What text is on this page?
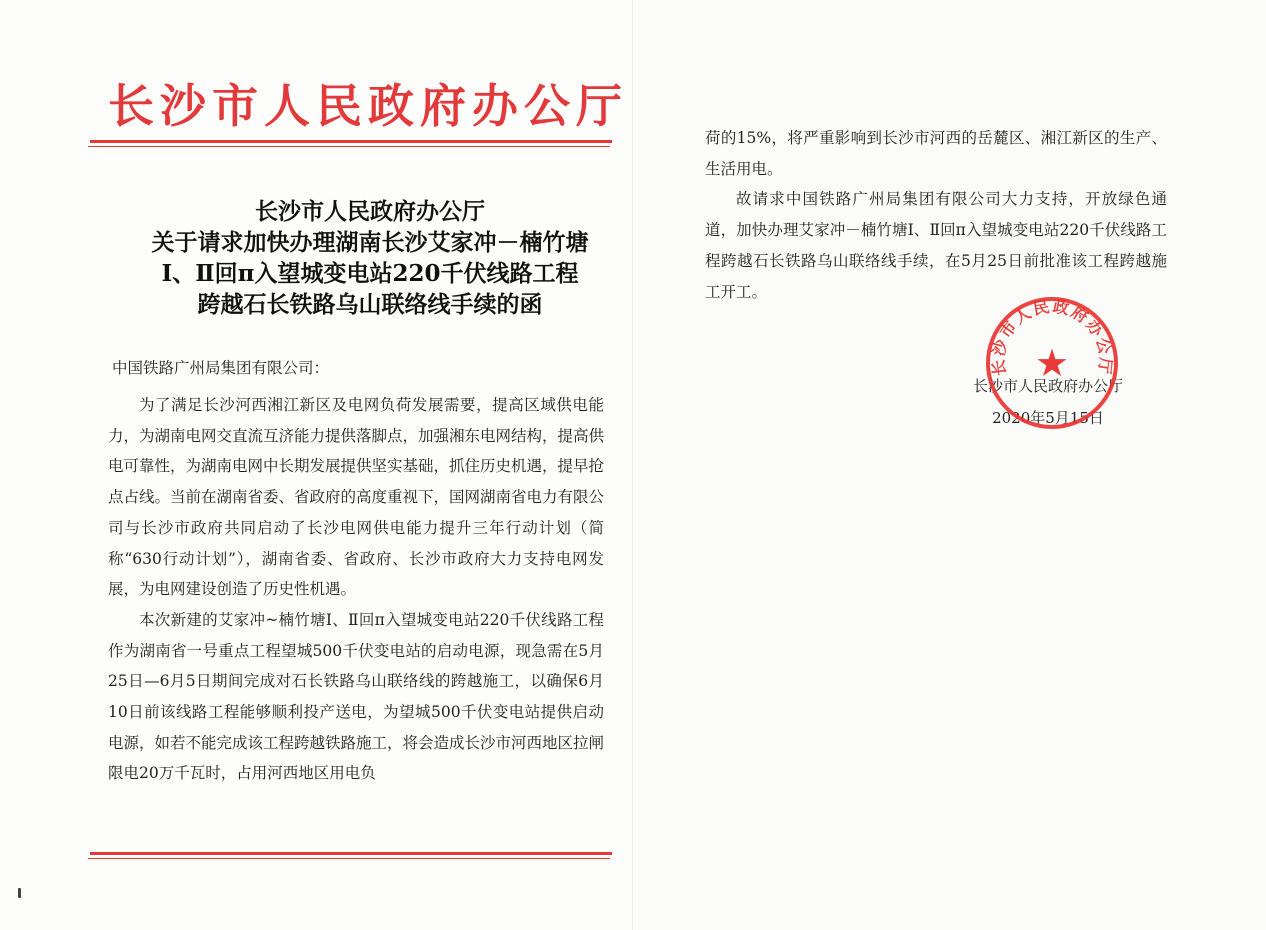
长沙市人民政府办公厅
长沙市人民政府办公厅
关于请求加快办理湖南长沙艾家冲－楠竹塘
Ⅰ、Ⅱ回π入望城变电站220千伏线路工程
跨越石长铁路乌山联络线手续的函
中国铁路广州局集团有限公司：

为了满足长沙河西湘江新区及电网负荷发展需要，提高区域供电能力，为湖南电网交直流互济能力提供落脚点，加强湘东电网结构，提高供电可靠性，为湖南电网中长期发展提供坚实基础，抓住历史机遇，提早抢点占线。当前在湖南省委、省政府的高度重视下，国网湖南省电力有限公司与长沙市政府共同启动了长沙电网供电能力提升三年行动计划（简称“630行动计划”），湖南省委、省政府、长沙市政府大力支持电网发展，为电网建设创造了历史性机遇。

本次新建的艾家冲~楠竹塘Ⅰ、Ⅱ回π入望城变电站220千伏线路工程作为湖南省一号重点工程望城500千伏变电站的启动电源，现急需在5月25日—6月5日期间完成对石长铁路乌山联络线的跨越施工，以确保6月10日前该线路工程能够顺利投产送电，为望城500千伏变电站提供启动电源，如若不能完成该工程跨越铁路施工，将会造成长沙市河西地区拉闸限电20万千瓦时，占用河西地区用电负

荷的15%，将严重影响到长沙市河西的岳麓区、湘江新区的生产、生活用电。

故请求中国铁路广州局集团有限公司大力支持，开放绿色通道，加快办理艾家冲－楠竹塘Ⅰ、Ⅱ回π入望城变电站220千伏线路工程跨越石长铁路乌山联络线手续，在5月25日前批准该工程跨越施工开工。

长沙市人民政府办公厅
2020年5月15日
长沙市人民政府办公厅
★
